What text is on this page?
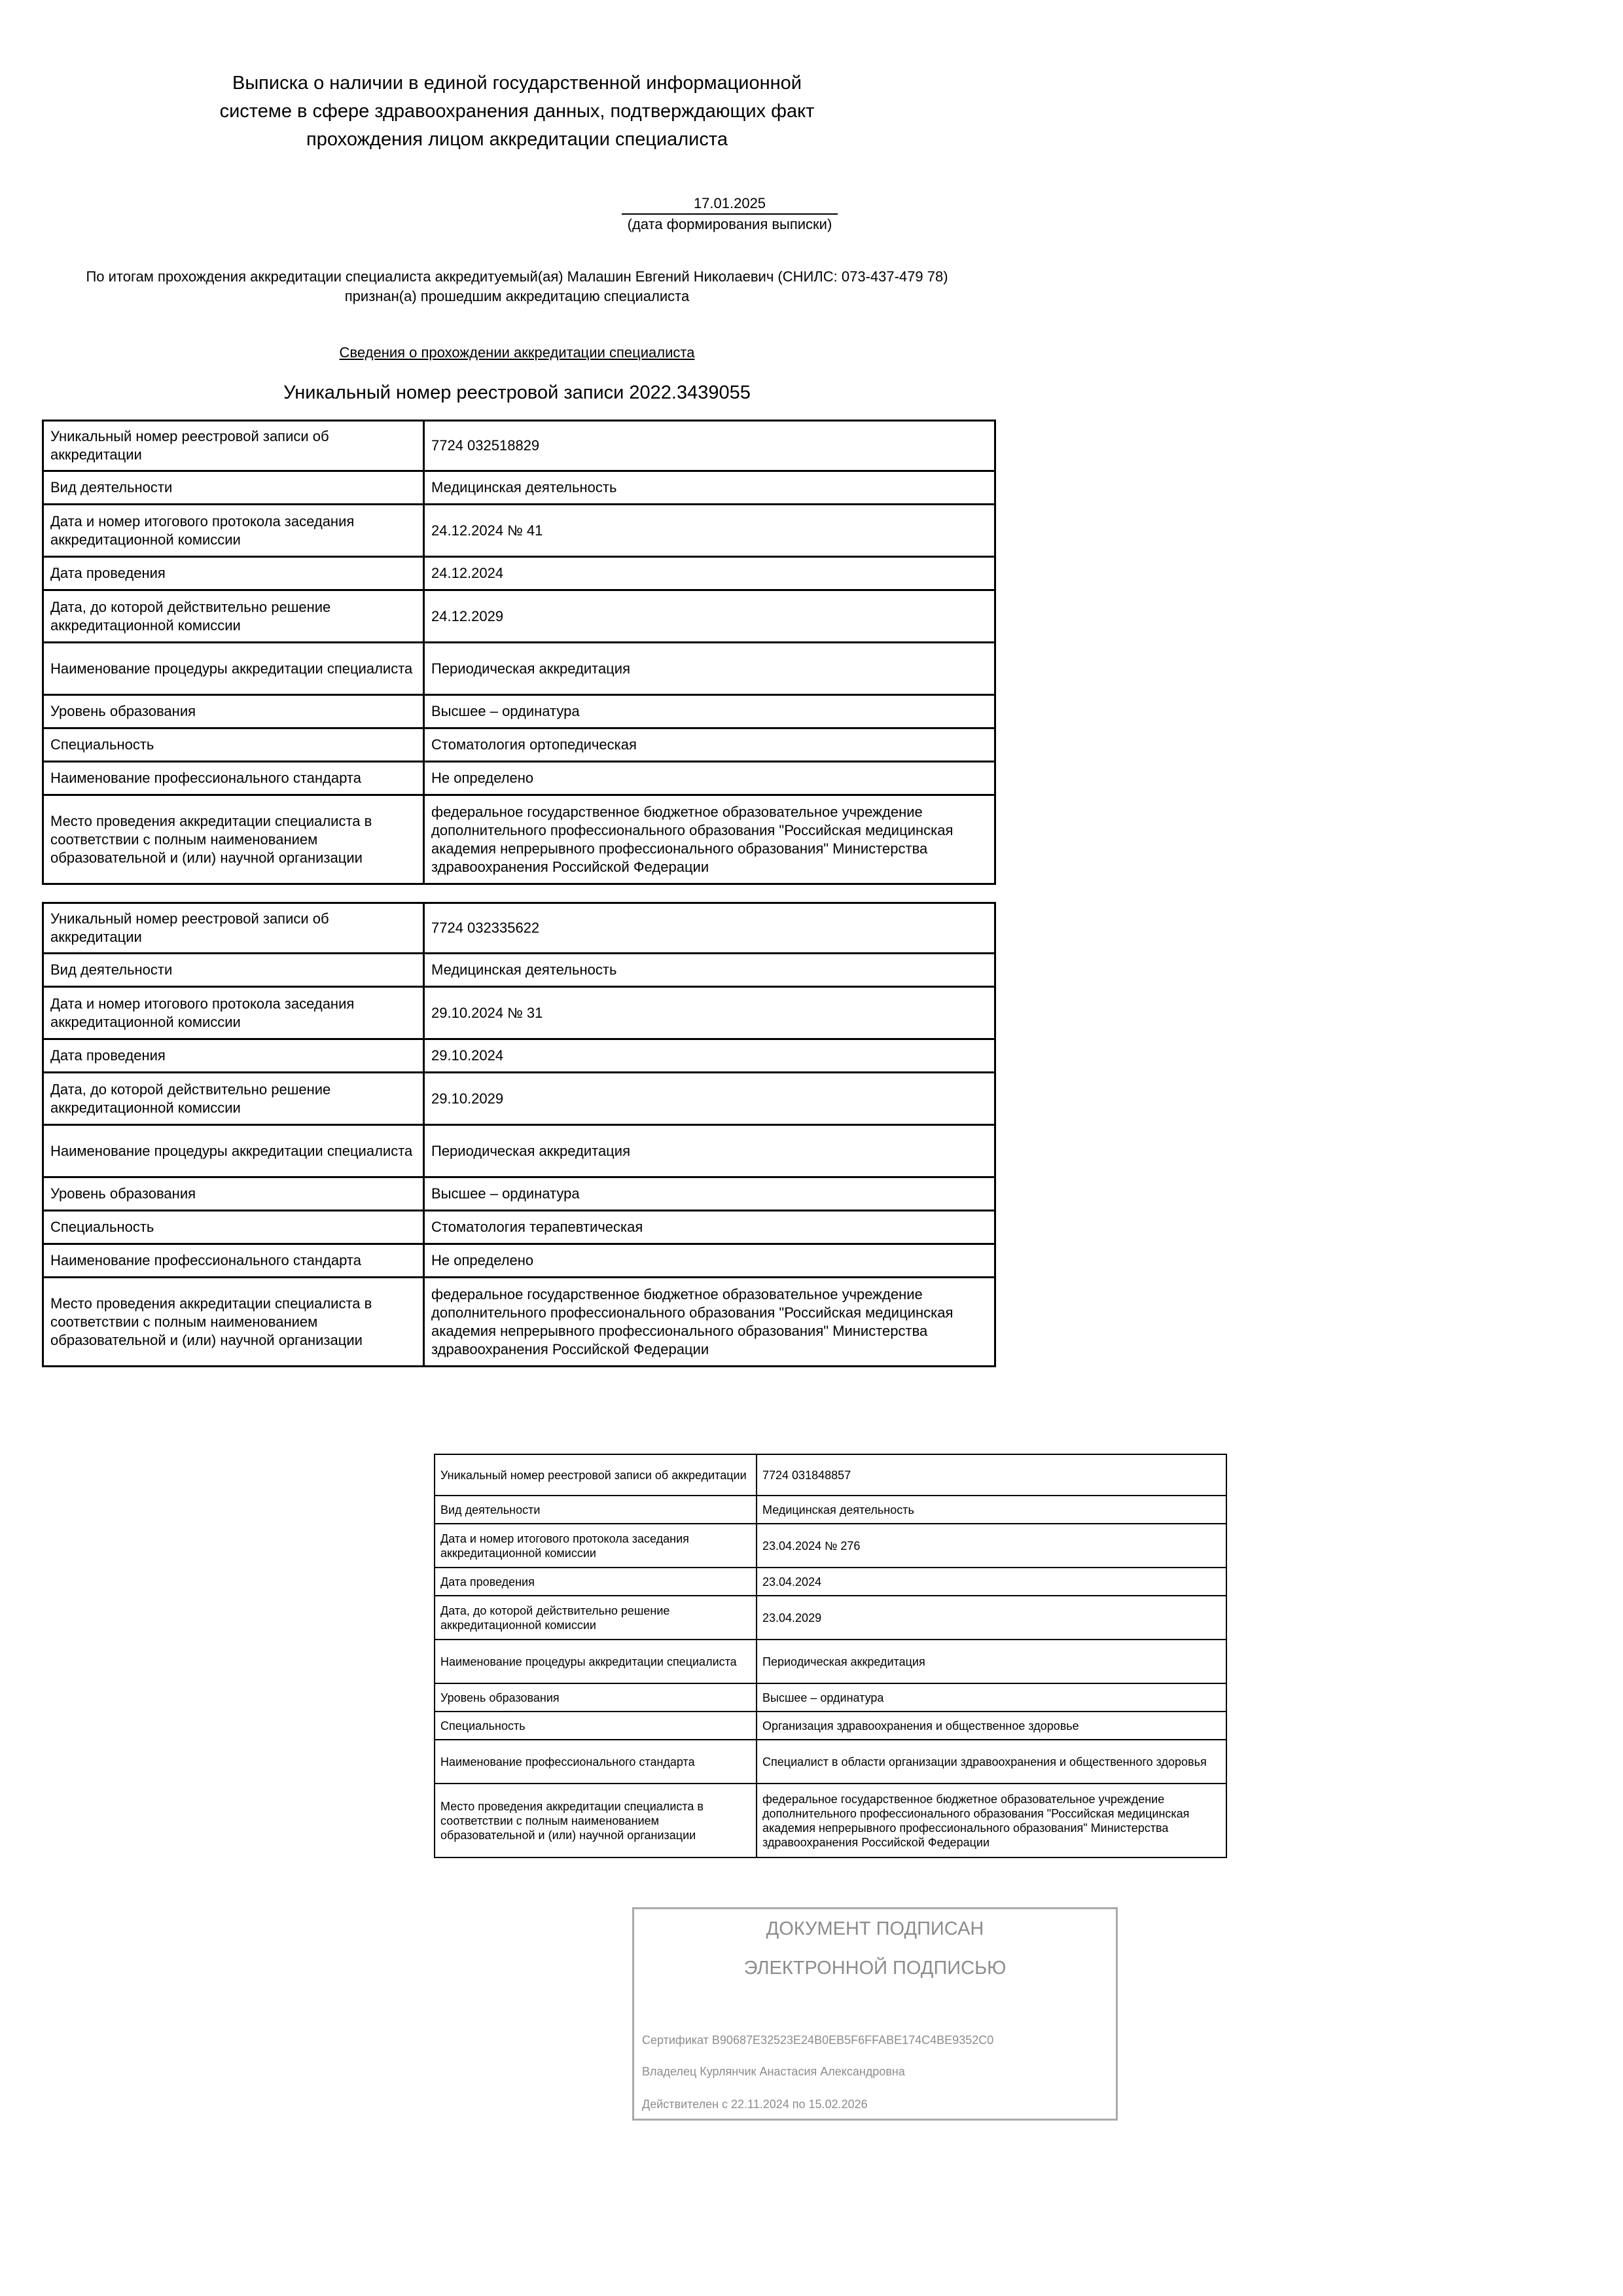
Выписка о наличии в единой государственной информационной
системе в сфере здравоохранения данных, подтверждающих факт
прохождения лицом аккредитации специалиста
17.01.2025
(дата формирования выписки)
По итогам прохождения аккредитации специалиста аккредитуемый(ая) Малашин Евгений Николаевич (СНИЛС: 073-437-479 78)
признан(а) прошедшим аккредитацию специалиста
Сведения о прохождении аккредитации специалиста
Уникальный номер реестровой записи 2022.3439055
Уникальный номер реестровой записи об аккредитации	7724 032518829
Вид деятельности	Медицинская деятельность
Дата и номер итогового протокола заседания аккредитационной комиссии	24.12.2024 № 41
Дата проведения	24.12.2024
Дата, до которой действительно решение аккредитационной комиссии	24.12.2029
Наименование процедуры аккредитации специалиста	Периодическая аккредитация
Уровень образования	Высшее – ординатура
Специальность	Стоматология ортопедическая
Наименование профессионального стандарта	Не определено
Место проведения аккредитации специалиста в соответствии с полным наименованием образовательной и (или) научной организации	федеральное государственное бюджетное образовательное учреждение дополнительного профессионального образования "Российская медицинская академия непрерывного профессионального образования" Министерства здравоохранения Российской Федерации
Уникальный номер реестровой записи об аккредитации	7724 032335622
Вид деятельности	Медицинская деятельность
Дата и номер итогового протокола заседания аккредитационной комиссии	29.10.2024 № 31
Дата проведения	29.10.2024
Дата, до которой действительно решение аккредитационной комиссии	29.10.2029
Наименование процедуры аккредитации специалиста	Периодическая аккредитация
Уровень образования	Высшее – ординатура
Специальность	Стоматология терапевтическая
Наименование профессионального стандарта	Не определено
Место проведения аккредитации специалиста в соответствии с полным наименованием образовательной и (или) научной организации	федеральное государственное бюджетное образовательное учреждение дополнительного профессионального образования "Российская медицинская академия непрерывного профессионального образования" Министерства здравоохранения Российской Федерации
Уникальный номер реестровой записи об аккредитации	7724 031848857
Вид деятельности	Медицинская деятельность
Дата и номер итогового протокола заседания аккредитационной комиссии	23.04.2024 № 276
Дата проведения	23.04.2024
Дата, до которой действительно решение аккредитационной комиссии	23.04.2029
Наименование процедуры аккредитации специалиста	Периодическая аккредитация
Уровень образования	Высшее – ординатура
Специальность	Организация здравоохранения и общественное здоровье
Наименование профессионального стандарта	Специалист в области организации здравоохранения и общественного здоровья
Место проведения аккредитации специалиста в соответствии с полным наименованием образовательной и (или) научной организации	федеральное государственное бюджетное образовательное учреждение дополнительного профессионального образования "Российская медицинская академия непрерывного профессионального образования" Министерства здравоохранения Российской Федерации
ДОКУМЕНТ ПОДПИСАН
ЭЛЕКТРОННОЙ ПОДПИСЬЮ
Сертификат B90687E32523E24B0EB5F6FFABE174C4BE9352C0
Владелец Курлянчик Анастасия Александровна
Действителен с 22.11.2024 по 15.02.2026
